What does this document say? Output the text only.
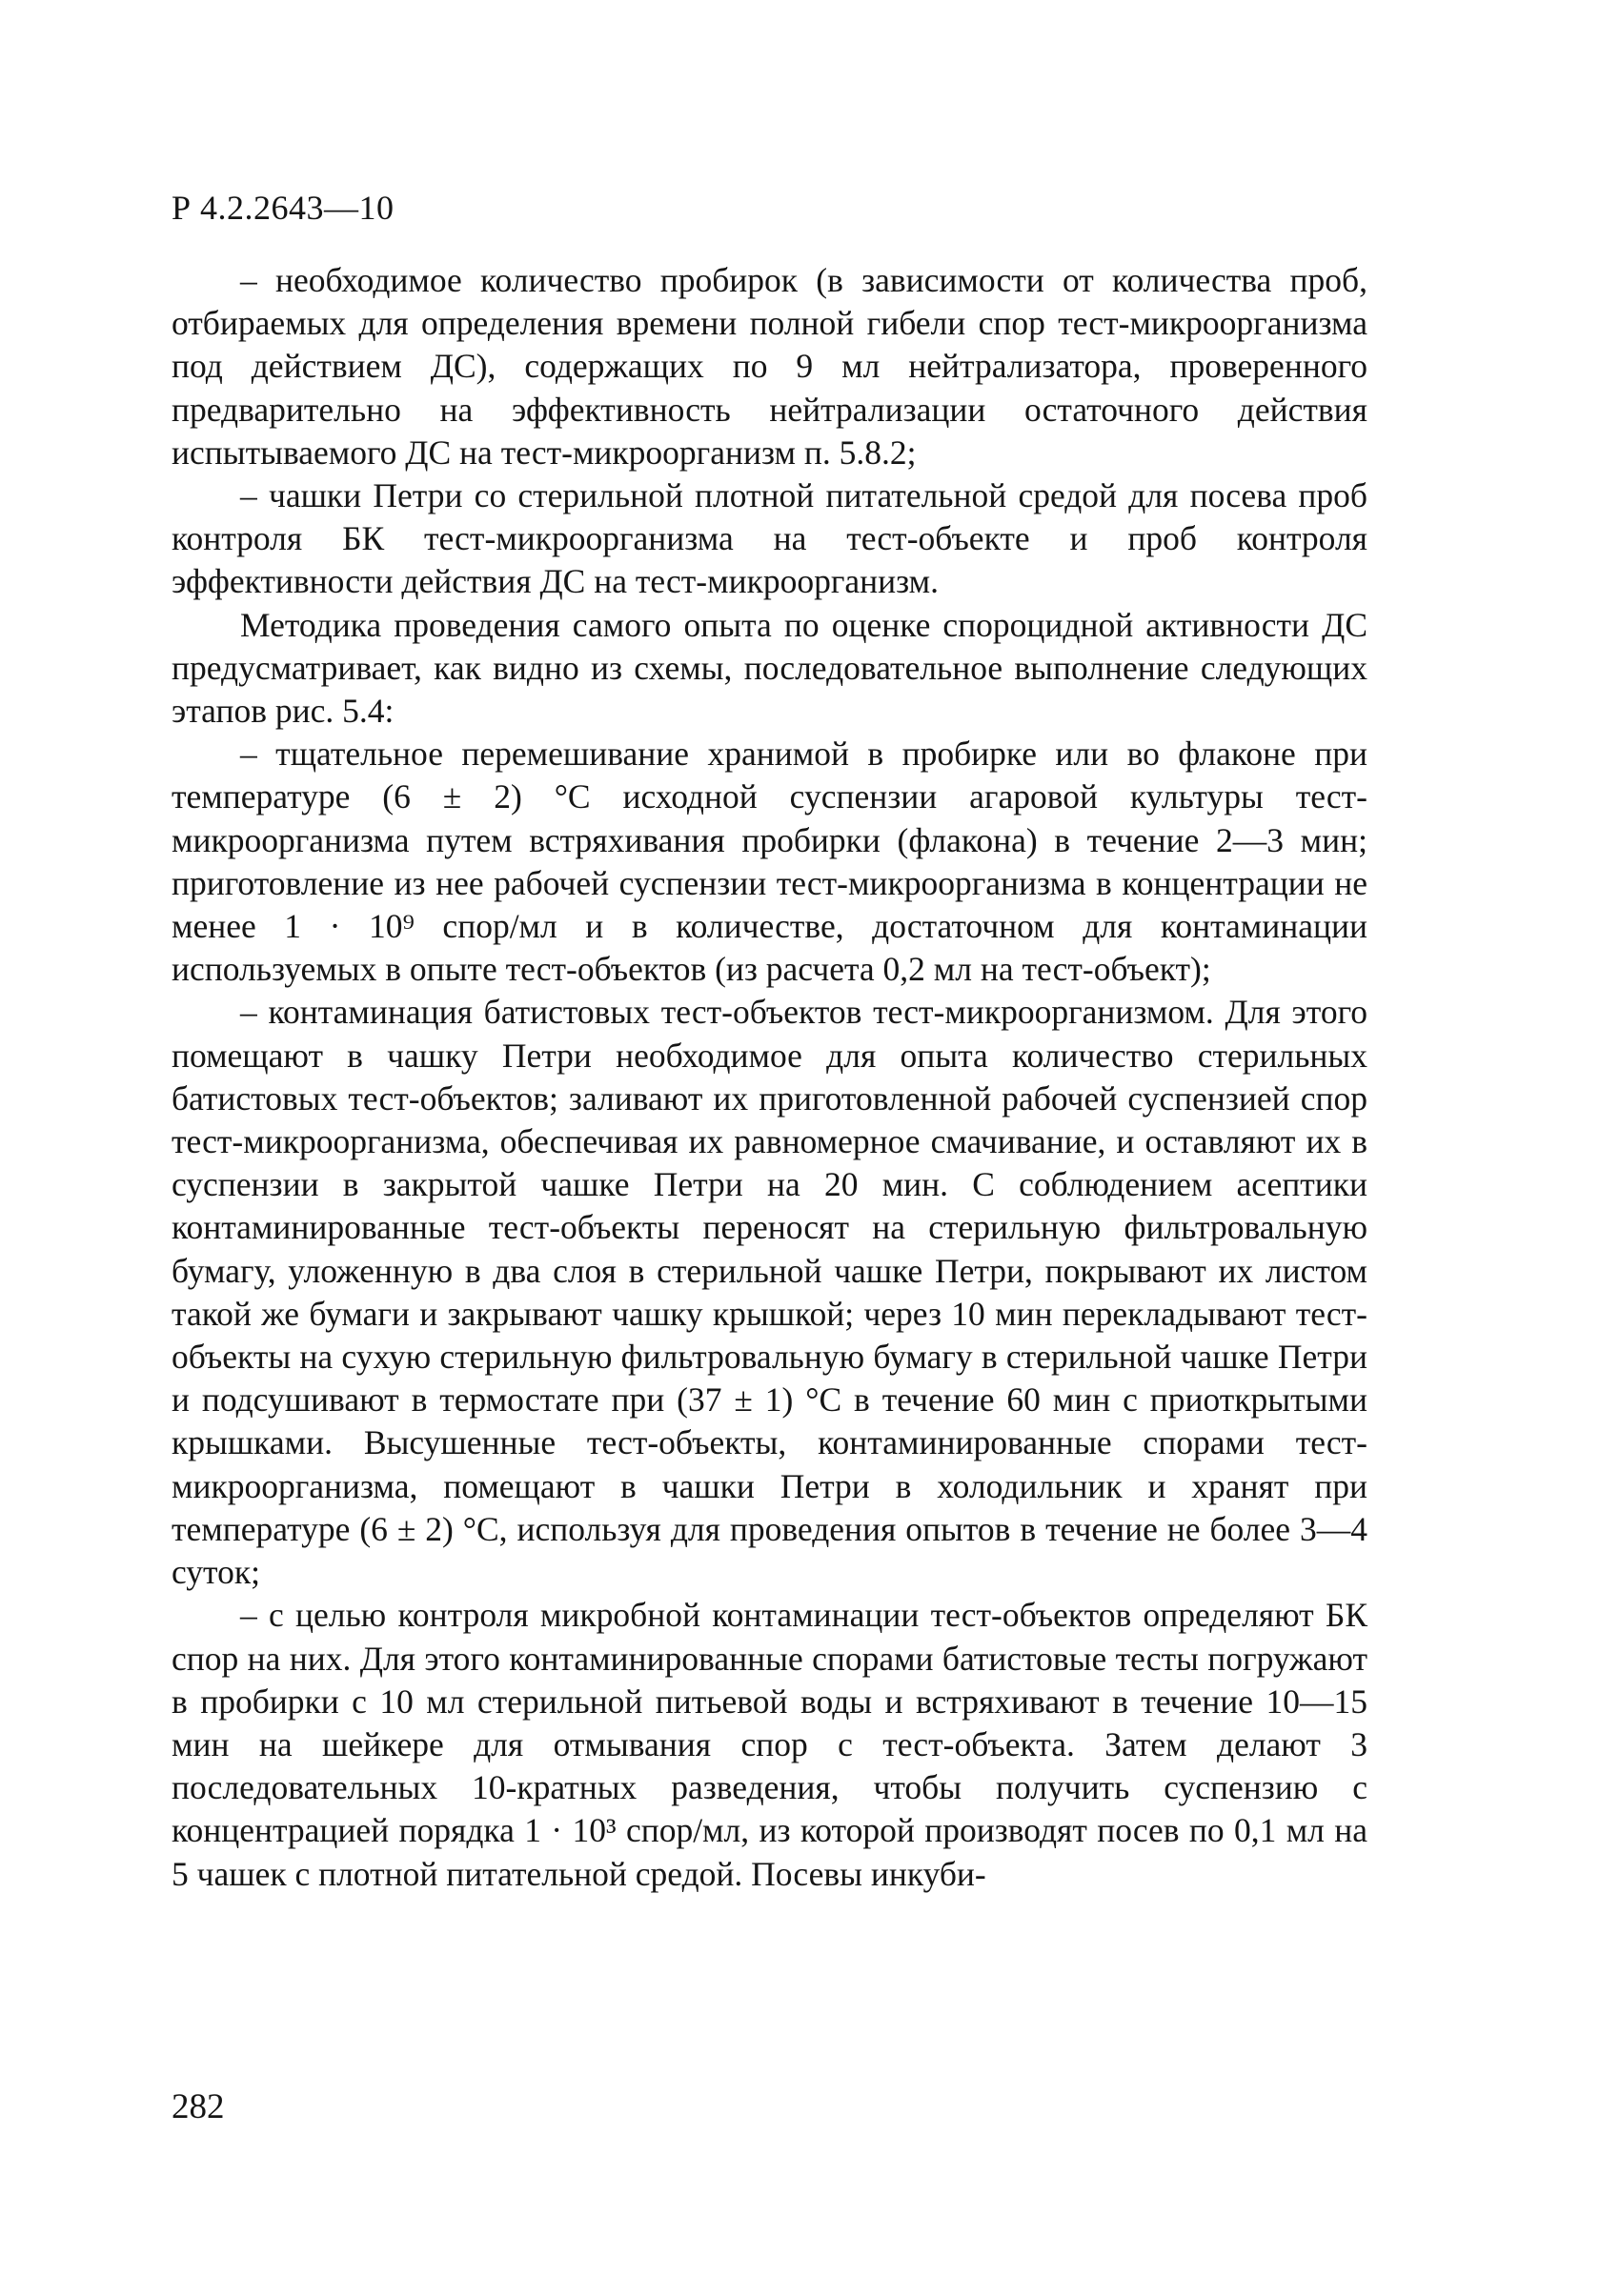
Р 4.2.2643—10

– необходимое количество пробирок (в зависимости от количества проб, отбираемых для определения времени полной гибели спор тест-микроорганизма под действием ДС), содержащих по 9 мл нейтрализатора, проверенного предварительно на эффективность нейтрализации остаточного действия испытываемого ДС на тест-микроорганизм п. 5.8.2;

– чашки Петри со стерильной плотной питательной средой для посева проб контроля БК тест-микроорганизма на тест-объекте и проб контроля эффективности действия ДС на тест-микроорганизм.

Методика проведения самого опыта по оценке спороцидной активности ДС предусматривает, как видно из схемы, последовательное выполнение следующих этапов рис. 5.4:

– тщательное перемешивание хранимой в пробирке или во флаконе при температуре (6 ± 2) °С исходной суспензии агаровой культуры тест-микроорганизма путем встряхивания пробирки (флакона) в течение 2—3 мин; приготовление из нее рабочей суспензии тест-микроорганизма в концентрации не менее 1 · 10⁹ спор/мл и в количестве, достаточном для контаминации используемых в опыте тест-объектов (из расчета 0,2 мл на тест-объект);

– контаминация батистовых тест-объектов тест-микроорганизмом. Для этого помещают в чашку Петри необходимое для опыта количество стерильных батистовых тест-объектов; заливают их приготовленной рабочей суспензией спор тест-микроорганизма, обеспечивая их равномерное смачивание, и оставляют их в суспензии в закрытой чашке Петри на 20 мин. С соблюдением асептики контаминированные тест-объекты переносят на стерильную фильтровальную бумагу, уложенную в два слоя в стерильной чашке Петри, покрывают их листом такой же бумаги и закрывают чашку крышкой; через 10 мин перекладывают тест-объекты на сухую стерильную фильтровальную бумагу в стерильной чашке Петри и подсушивают в термостате при (37 ± 1) °С в течение 60 мин с приоткрытыми крышками. Высушенные тест-объекты, контаминированные спорами тест-микроорганизма, помещают в чашки Петри в холодильник и хранят при температуре (6 ± 2) °С, используя для проведения опытов в течение не более 3—4 суток;

– с целью контроля микробной контаминации тест-объектов определяют БК спор на них. Для этого контаминированные спорами батистовые тесты погружают в пробирки с 10 мл стерильной питьевой воды и встряхивают в течение 10—15 мин на шейкере для отмывания спор с тест-объекта. Затем делают 3 последовательных 10-кратных разведения, чтобы получить суспензию с концентрацией порядка 1 · 10³ спор/мл, из которой производят посев по 0,1 мл на 5 чашек с плотной питательной средой. Посевы инкуби-

282
